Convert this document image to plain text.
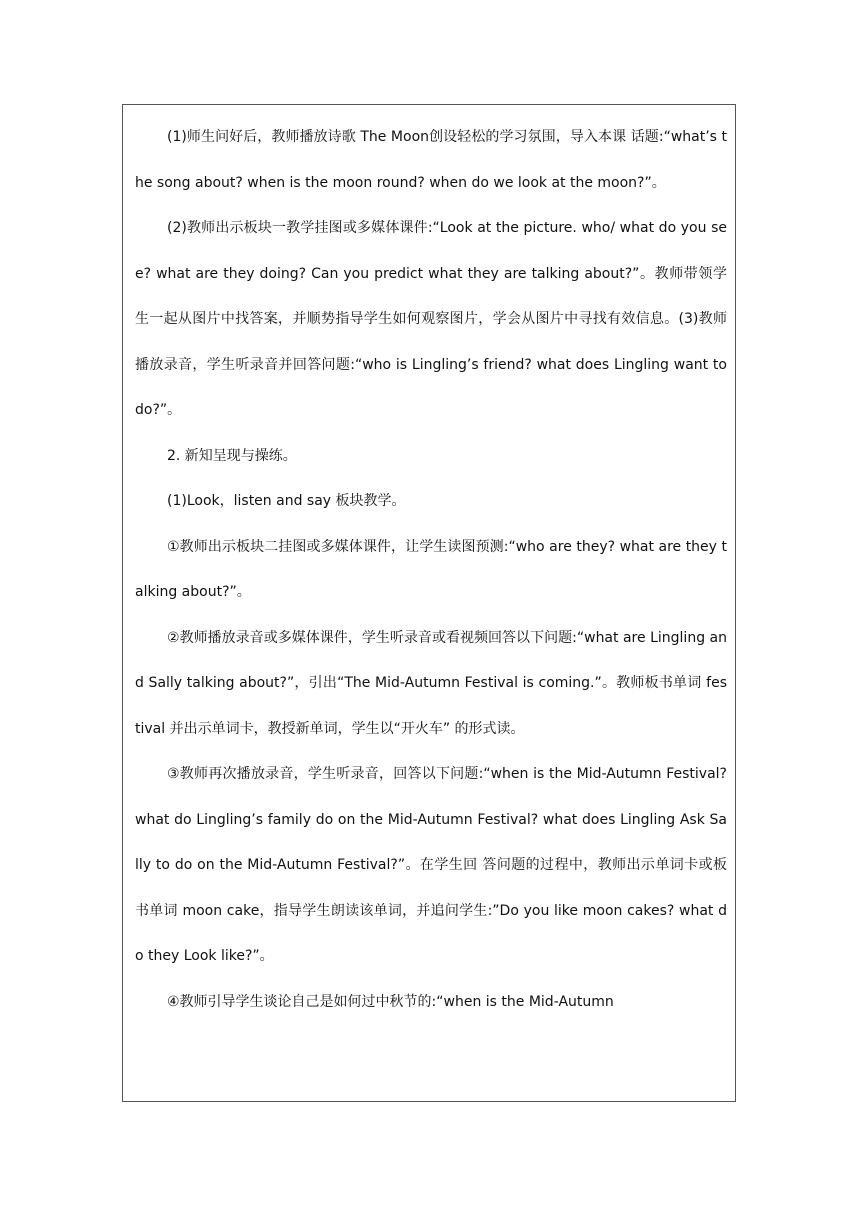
(1)师生问好后，教师播放诗歌 The Moon创设轻松的学习氛围，导入本课 话题:“what’s the song about? when is the moon round? when do we look at the moon?”。

(2)教师出示板块一教学挂图或多媒体课件:“Look at the picture. who/ what do you see? what are they doing? Can you predict what they are talking about?”。教师带领学生一起从图片中找答案，并顺势指导学生如何观察图片，学会从图片中寻找有效信息。(3)教师播放录音，学生听录音并回答问题:“who is Lingling’s friend? what does Lingling want to do?”。

2. 新知呈现与操练。

(1)Look，listen and say 板块教学。

①教师出示板块二挂图或多媒体课件，让学生读图预测:“who are they? what are they talking about?”。

②教师播放录音或多媒体课件，学生听录音或看视频回答以下问题:“what are Lingling and Sally talking about?”，引出“The Mid-Autumn Festival is coming.”。教师板书单词 festival 并出示单词卡，教授新单词，学生以“开火车” 的形式读。

③教师再次播放录音，学生听录音，回答以下问题:“when is the Mid-Autumn Festival? what do Lingling’s family do on the Mid-Autumn Festival? what does Lingling Ask Sally to do on the Mid-Autumn Festival?”。在学生回 答问题的过程中，教师出示单词卡或板书单词 moon cake，指导学生朗读该单词，并追问学生:”Do you like moon cakes? what do they Look like?”。

④教师引导学生谈论自己是如何过中秋节的:“when is the Mid-Autumn
